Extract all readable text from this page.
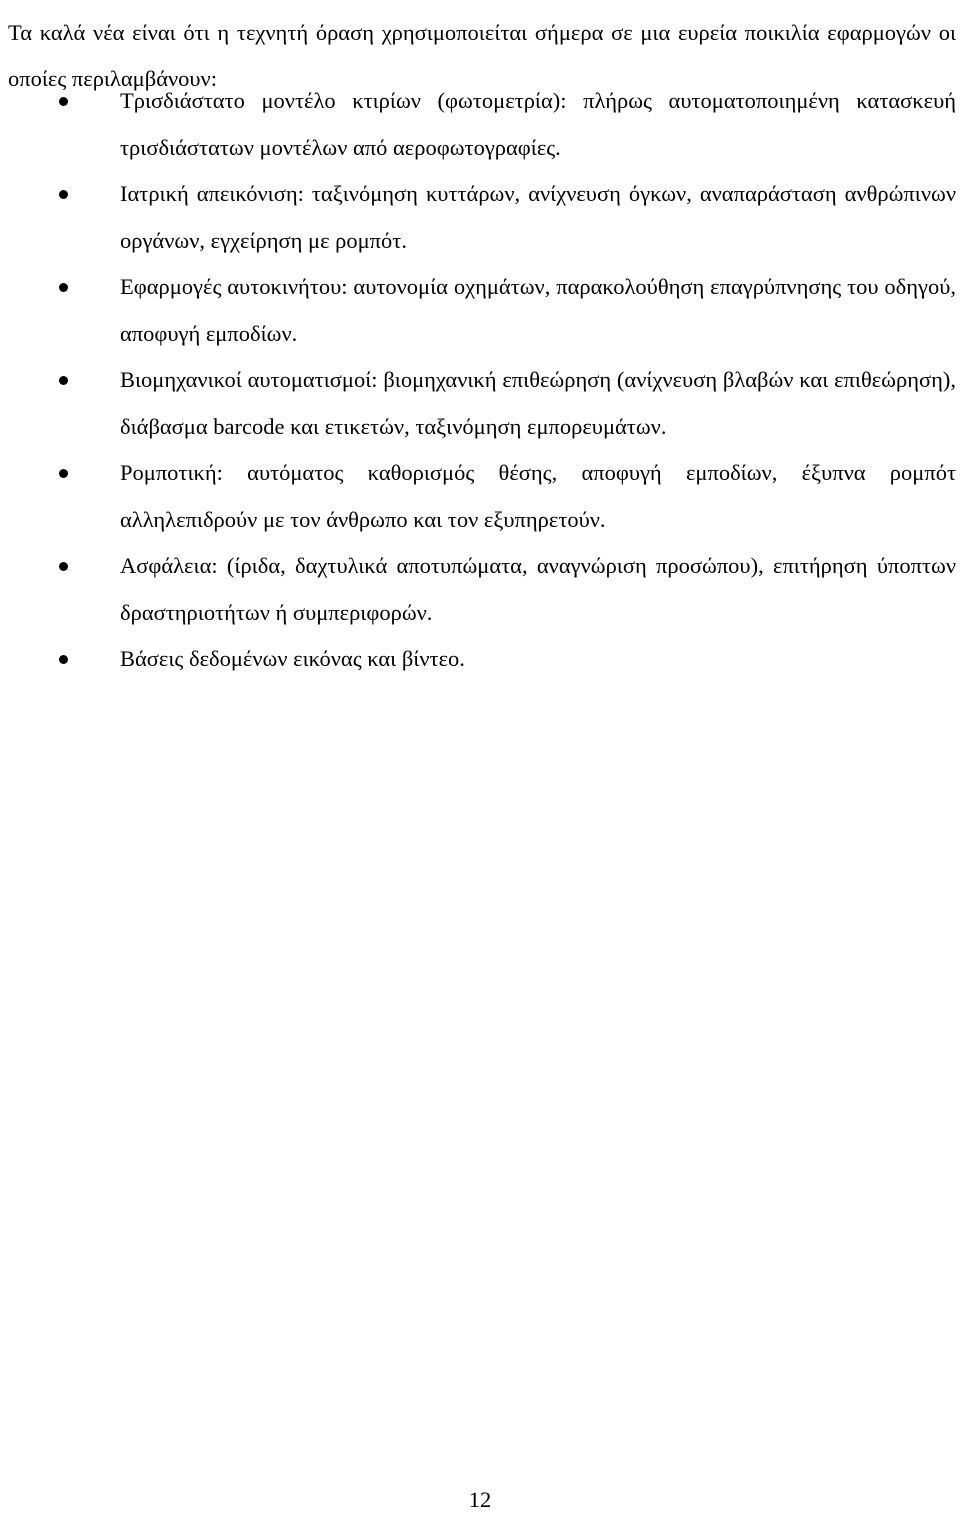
Τα καλά νέα είναι ότι η τεχνητή όραση χρησιμοποιείται σήμερα σε μια ευρεία ποικιλία εφαρμογών οι οποίες περιλαμβάνουν:

Τρισδιάστατο μοντέλο κτιρίων (φωτομετρία): πλήρως αυτοματοποιημένη κατασκευή τρισδιάστατων μοντέλων από αεροφωτογραφίες.
Ιατρική απεικόνιση: ταξινόμηση κυττάρων, ανίχνευση όγκων, αναπαράσταση ανθρώπινων οργάνων, εγχείρηση με ρομπότ.
Εφαρμογές αυτοκινήτου: αυτονομία οχημάτων, παρακολούθηση επαγρύπνησης του οδηγού, αποφυγή εμποδίων.
Βιομηχανικοί αυτοματισμοί: βιομηχανική επιθεώρηση (ανίχνευση βλαβών και επιθεώρηση), διάβασμα barcode και ετικετών, ταξινόμηση εμπορευμάτων.
Ρομποτική: αυτόματος καθορισμός θέσης, αποφυγή εμποδίων, έξυπνα ρομπότ αλληλεπιδρούν με τον άνθρωπο και τον εξυπηρετούν.
Ασφάλεια: (ίριδα, δαχτυλικά αποτυπώματα, αναγνώριση προσώπου), επιτήρηση ύποπτων δραστηριοτήτων ή συμπεριφορών.
Βάσεις δεδομένων εικόνας και βίντεο.

12
